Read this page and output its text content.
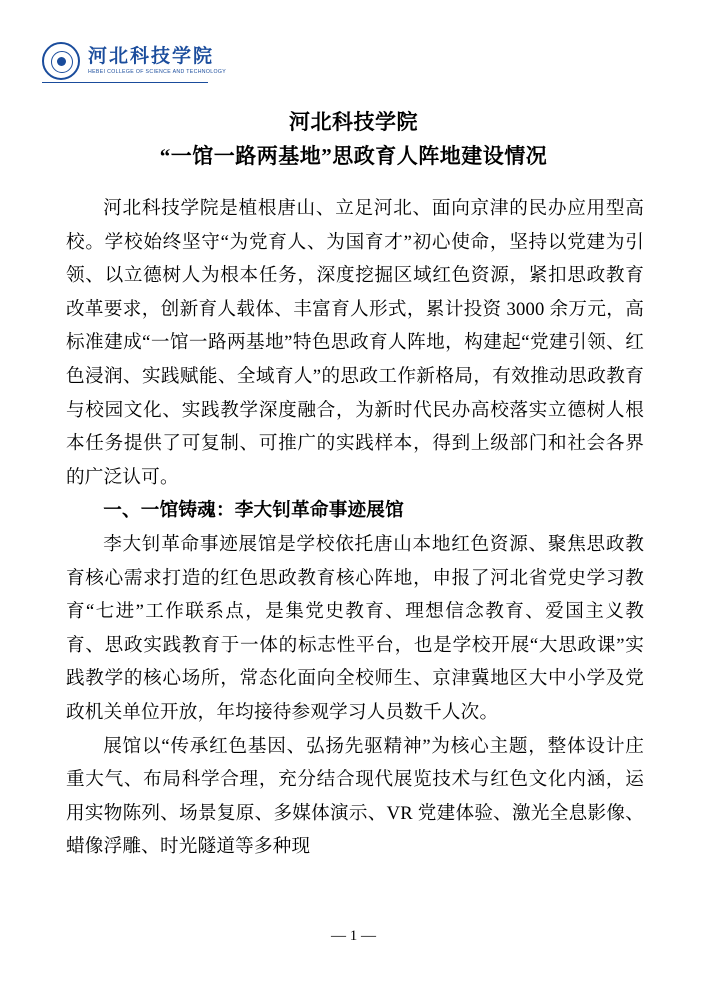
河北科技学院
HEBEI COLLEGE OF SCIENCE AND TECHNOLOGY
河北科技学院
“一馆一路两基地”思政育人阵地建设情况

河北科技学院是植根唐山、立足河北、面向京津的民办应用型高校。学校始终坚守“为党育人、为国育才”初心使命，坚持以党建为引领、以立德树人为根本任务，深度挖掘区域红色资源，紧扣思政教育改革要求，创新育人载体、丰富育人形式，累计投资 3000 余万元，高标准建成“一馆一路两基地”特色思政育人阵地，构建起“党建引领、红色浸润、实践赋能、全域育人”的思政工作新格局，有效推动思政教育与校园文化、实践教学深度融合，为新时代民办高校落实立德树人根本任务提供了可复制、可推广的实践样本，得到上级部门和社会各界的广泛认可。

一、一馆铸魂：李大钊革命事迹展馆

李大钊革命事迹展馆是学校依托唐山本地红色资源、聚焦思政教育核心需求打造的红色思政教育核心阵地，申报了河北省党史学习教育“七进”工作联系点，是集党史教育、理想信念教育、爱国主义教育、思政实践教育于一体的标志性平台，也是学校开展“大思政课”实践教学的核心场所，常态化面向全校师生、京津冀地区大中小学及党政机关单位开放，年均接待参观学习人员数千人次。

展馆以“传承红色基因、弘扬先驱精神”为核心主题，整体设计庄重大气、布局科学合理，充分结合现代展览技术与红色文化内涵，运用实物陈列、场景复原、多媒体演示、VR 党建体验、激光全息影像、蜡像浮雕、时光隧道等多种现

— 1 —
